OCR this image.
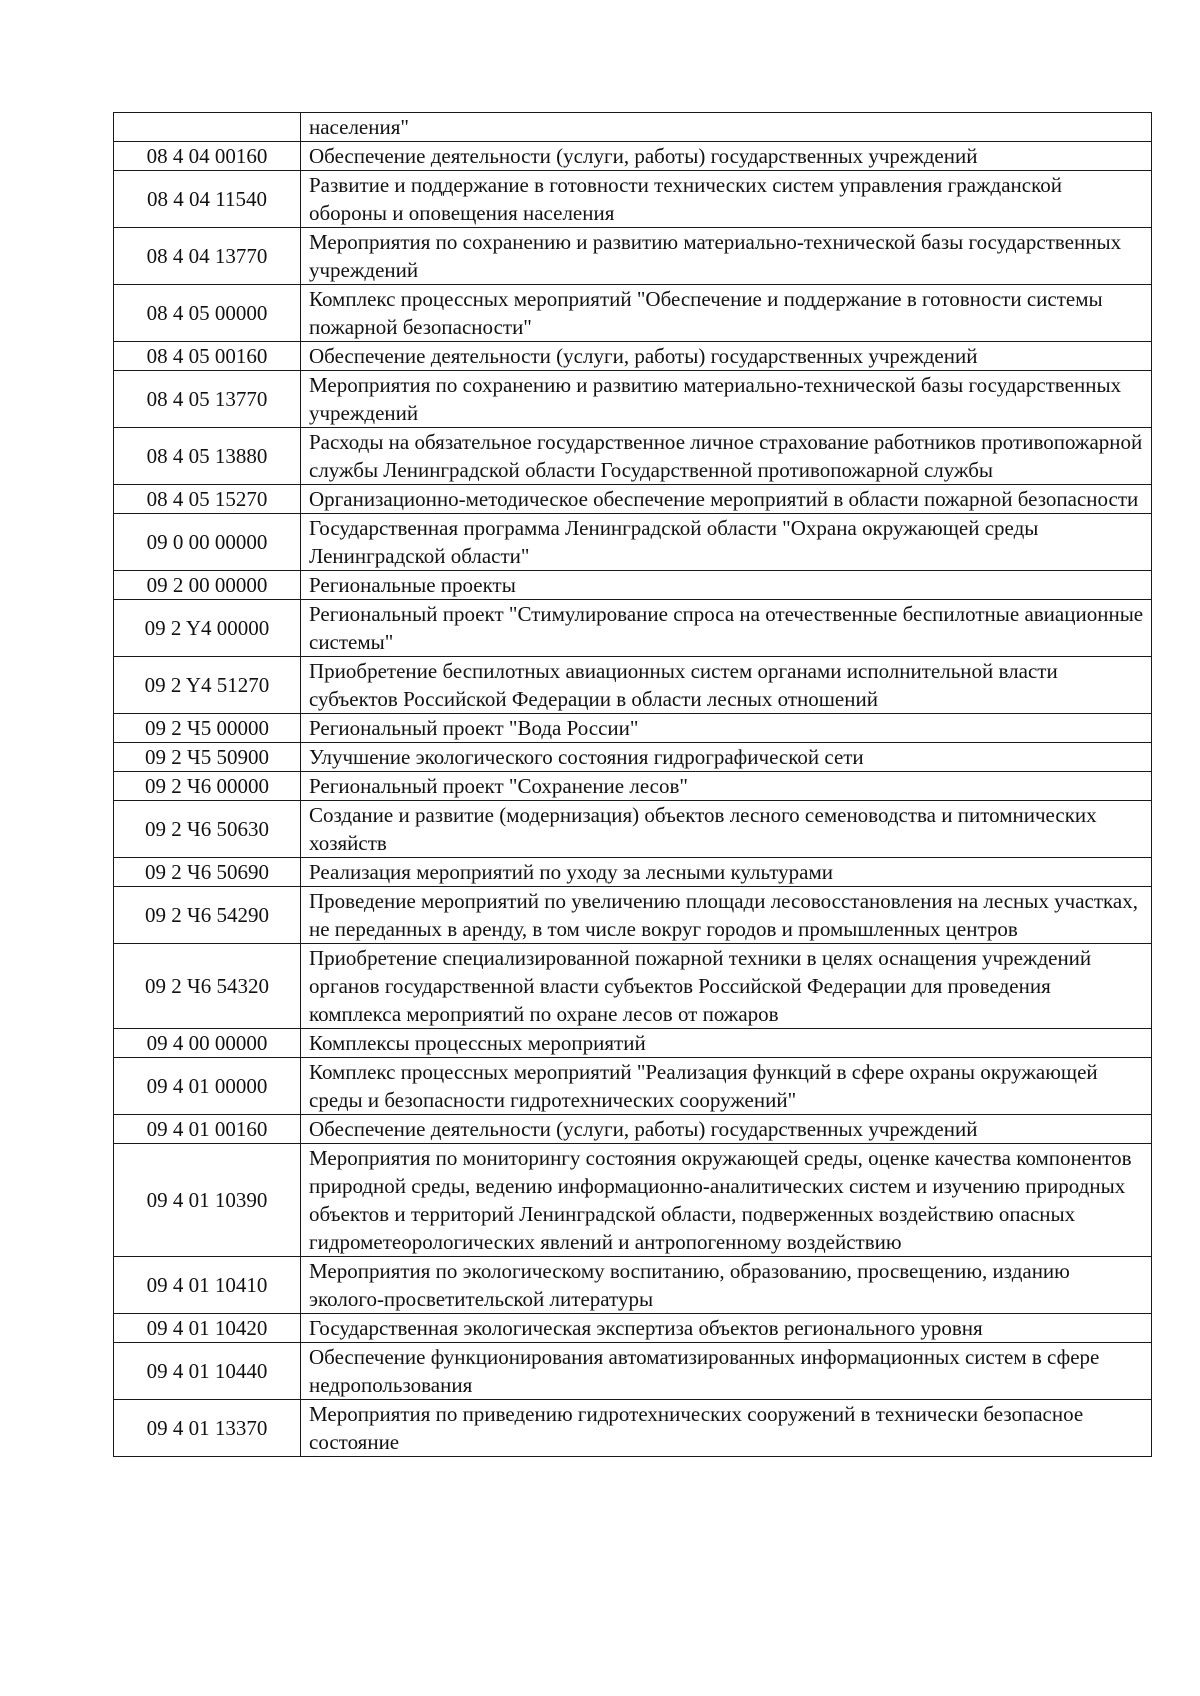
	населения"
08 4 04 00160	Обеспечение деятельности (услуги, работы) государственных учреждений
08 4 04 11540	Развитие и поддержание в готовности технических систем управления гражданской обороны и оповещения населения
08 4 04 13770	Мероприятия по сохранению и развитию материально-технической базы государственных учреждений
08 4 05 00000	Комплекс процессных мероприятий "Обеспечение и поддержание в готовности системы пожарной безопасности"
08 4 05 00160	Обеспечение деятельности (услуги, работы) государственных учреждений
08 4 05 13770	Мероприятия по сохранению и развитию материально-технической базы государственных учреждений
08 4 05 13880	Расходы на обязательное государственное личное страхование работников противопожарной службы Ленинградской области Государственной противопожарной службы
08 4 05 15270	Организационно-методическое обеспечение мероприятий в области пожарной безопасности
09 0 00 00000	Государственная программа Ленинградской области "Охрана окружающей среды Ленинградской области"
09 2 00 00000	Региональные проекты
09 2 Y4 00000	Региональный проект "Стимулирование спроса на отечественные беспилотные авиационные системы"
09 2 Y4 51270	Приобретение беспилотных авиационных систем органами исполнительной власти субъектов Российской Федерации в области лесных отношений
09 2 Ч5 00000	Региональный проект "Вода России"
09 2 Ч5 50900	Улучшение экологического состояния гидрографической сети
09 2 Ч6 00000	Региональный проект "Сохранение лесов"
09 2 Ч6 50630	Создание и развитие (модернизация) объектов лесного семеноводства и питомнических хозяйств
09 2 Ч6 50690	Реализация мероприятий по уходу за лесными культурами
09 2 Ч6 54290	Проведение мероприятий по увеличению площади лесовосстановления на лесных участках, не переданных в аренду, в том числе вокруг городов и промышленных центров
09 2 Ч6 54320	Приобретение специализированной пожарной техники в целях оснащения учреждений органов государственной власти субъектов Российской Федерации для проведения комплекса мероприятий по охране лесов от пожаров
09 4 00 00000	Комплексы процессных мероприятий
09 4 01 00000	Комплекс процессных мероприятий "Реализация функций в сфере охраны окружающей среды и безопасности гидротехнических сооружений"
09 4 01 00160	Обеспечение деятельности (услуги, работы) государственных учреждений
09 4 01 10390	Мероприятия по мониторингу состояния окружающей среды, оценке качества компонентов природной среды, ведению информационно-аналитических систем и изучению природных объектов и территорий Ленинградской области, подверженных воздействию опасных гидрометеорологических явлений и антропогенному воздействию
09 4 01 10410	Мероприятия по экологическому воспитанию, образованию, просвещению, изданию эколого-просветительской литературы
09 4 01 10420	Государственная экологическая экспертиза объектов регионального уровня
09 4 01 10440	Обеспечение функционирования автоматизированных информационных систем в сфере недропользования
09 4 01 13370	Мероприятия по приведению гидротехнических сооружений в технически безопасное состояние
